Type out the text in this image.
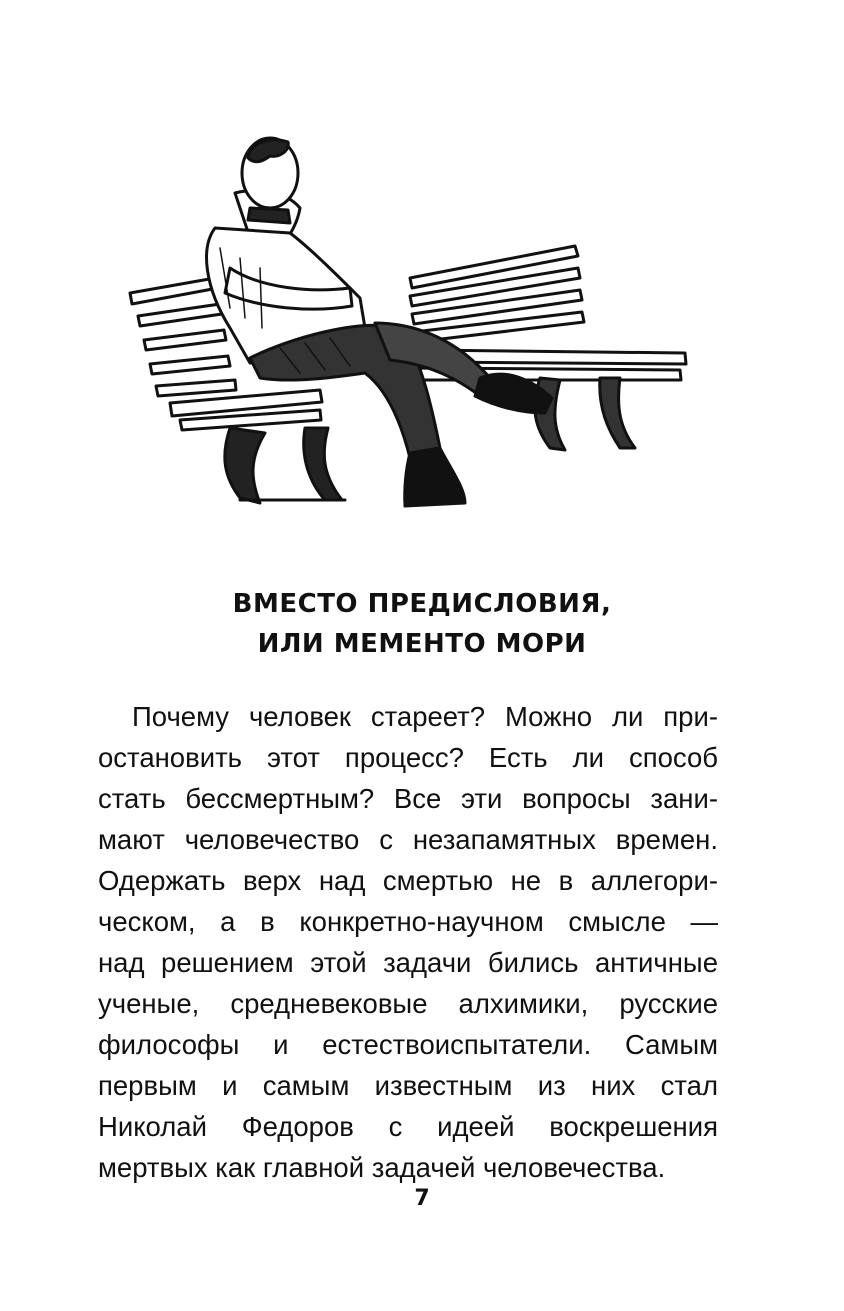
ВМЕСТО ПРЕДИСЛОВИЯ,
ИЛИ МЕМЕНТО МОРИ
Почему человек стареет? Можно ли при-
остановить этот процесс? Есть ли способ
стать бессмертным? Все эти вопросы зани-
мают человечество с незапамятных времен.
Одержать верх над смертью не в аллегори-
ческом, а в конкретно-научном смысле —
над решением этой задачи бились античные
ученые, средневековые алхимики, русские
философы и естествоиспытатели. Самым
первым и самым известным из них стал
Николай Федоров с идеей воскрешения
мертвых как главной задачей человечества.
7
